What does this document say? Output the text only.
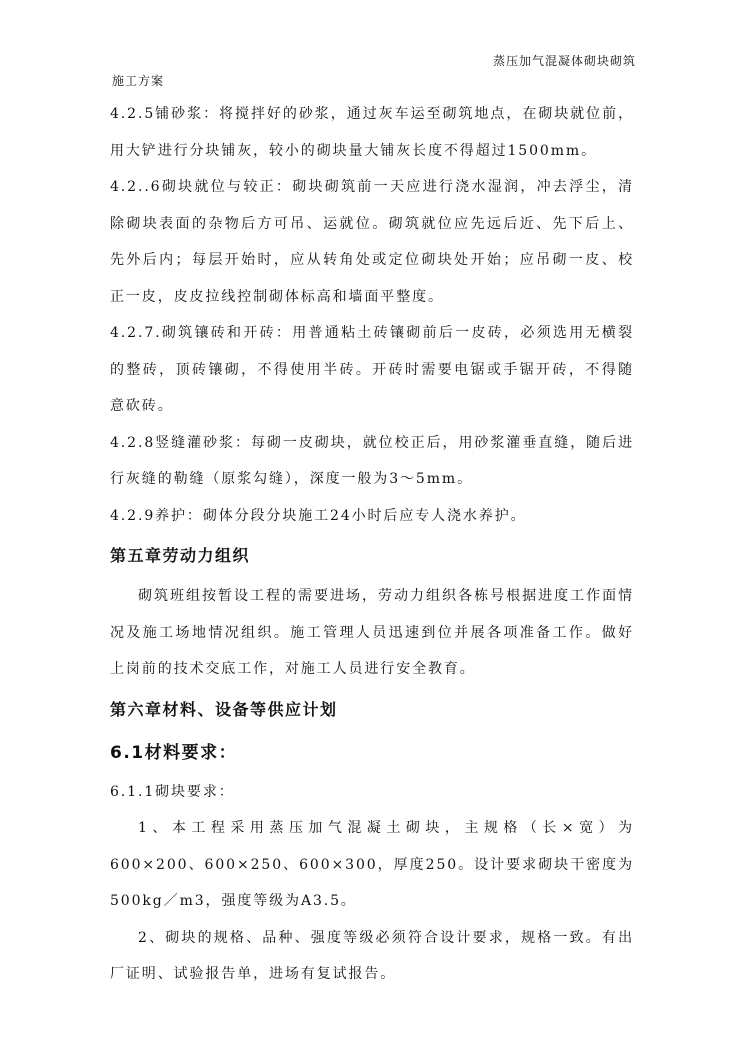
蒸压加气混凝体砌块砌筑
施工方案

4.2.5铺砂浆：将搅拌好的砂浆，通过灰车运至砌筑地点，在砌块就位前，用大铲进行分块铺灰，较小的砌块量大铺灰长度不得超过1500mm。

4.2..6砌块就位与较正：砌块砌筑前一天应进行浇水湿润，冲去浮尘，清除砌块表面的杂物后方可吊、运就位。砌筑就位应先远后近、先下后上、先外后内；每层开始时，应从转角处或定位砌块处开始；应吊砌一皮、校正一皮，皮皮拉线控制砌体标高和墙面平整度。

4.2.7.砌筑镶砖和开砖：用普通粘土砖镶砌前后一皮砖，必须选用无横裂的整砖，顶砖镶砌，不得使用半砖。开砖时需要电锯或手锯开砖，不得随意砍砖。

4.2.8竖缝灌砂浆：每砌一皮砌块，就位校正后，用砂浆灌垂直缝，随后进行灰缝的勒缝（原浆勾缝），深度一般为3～5mm。

4.2.9养护：砌体分段分块施工24小时后应专人浇水养护。

第五章劳动力组织

砌筑班组按暂设工程的需要进场，劳动力组织各栋号根据进度工作面情况及施工场地情况组织。施工管理人员迅速到位并展各项准备工作。做好上岗前的技术交底工作，对施工人员进行安全教育。

第六章材料、设备等供应计划
6.1材料要求：

6.1.1砌块要求：

1、本工程采用蒸压加气混凝土砌块，主规格（长×宽）为600×200、600×250、600×300，厚度250。设计要求砌块干密度为500kg／m3，强度等级为A3.5。

2、砌块的规格、品种、强度等级必须符合设计要求，规格一致。有出厂证明、试验报告单，进场有复试报告。
